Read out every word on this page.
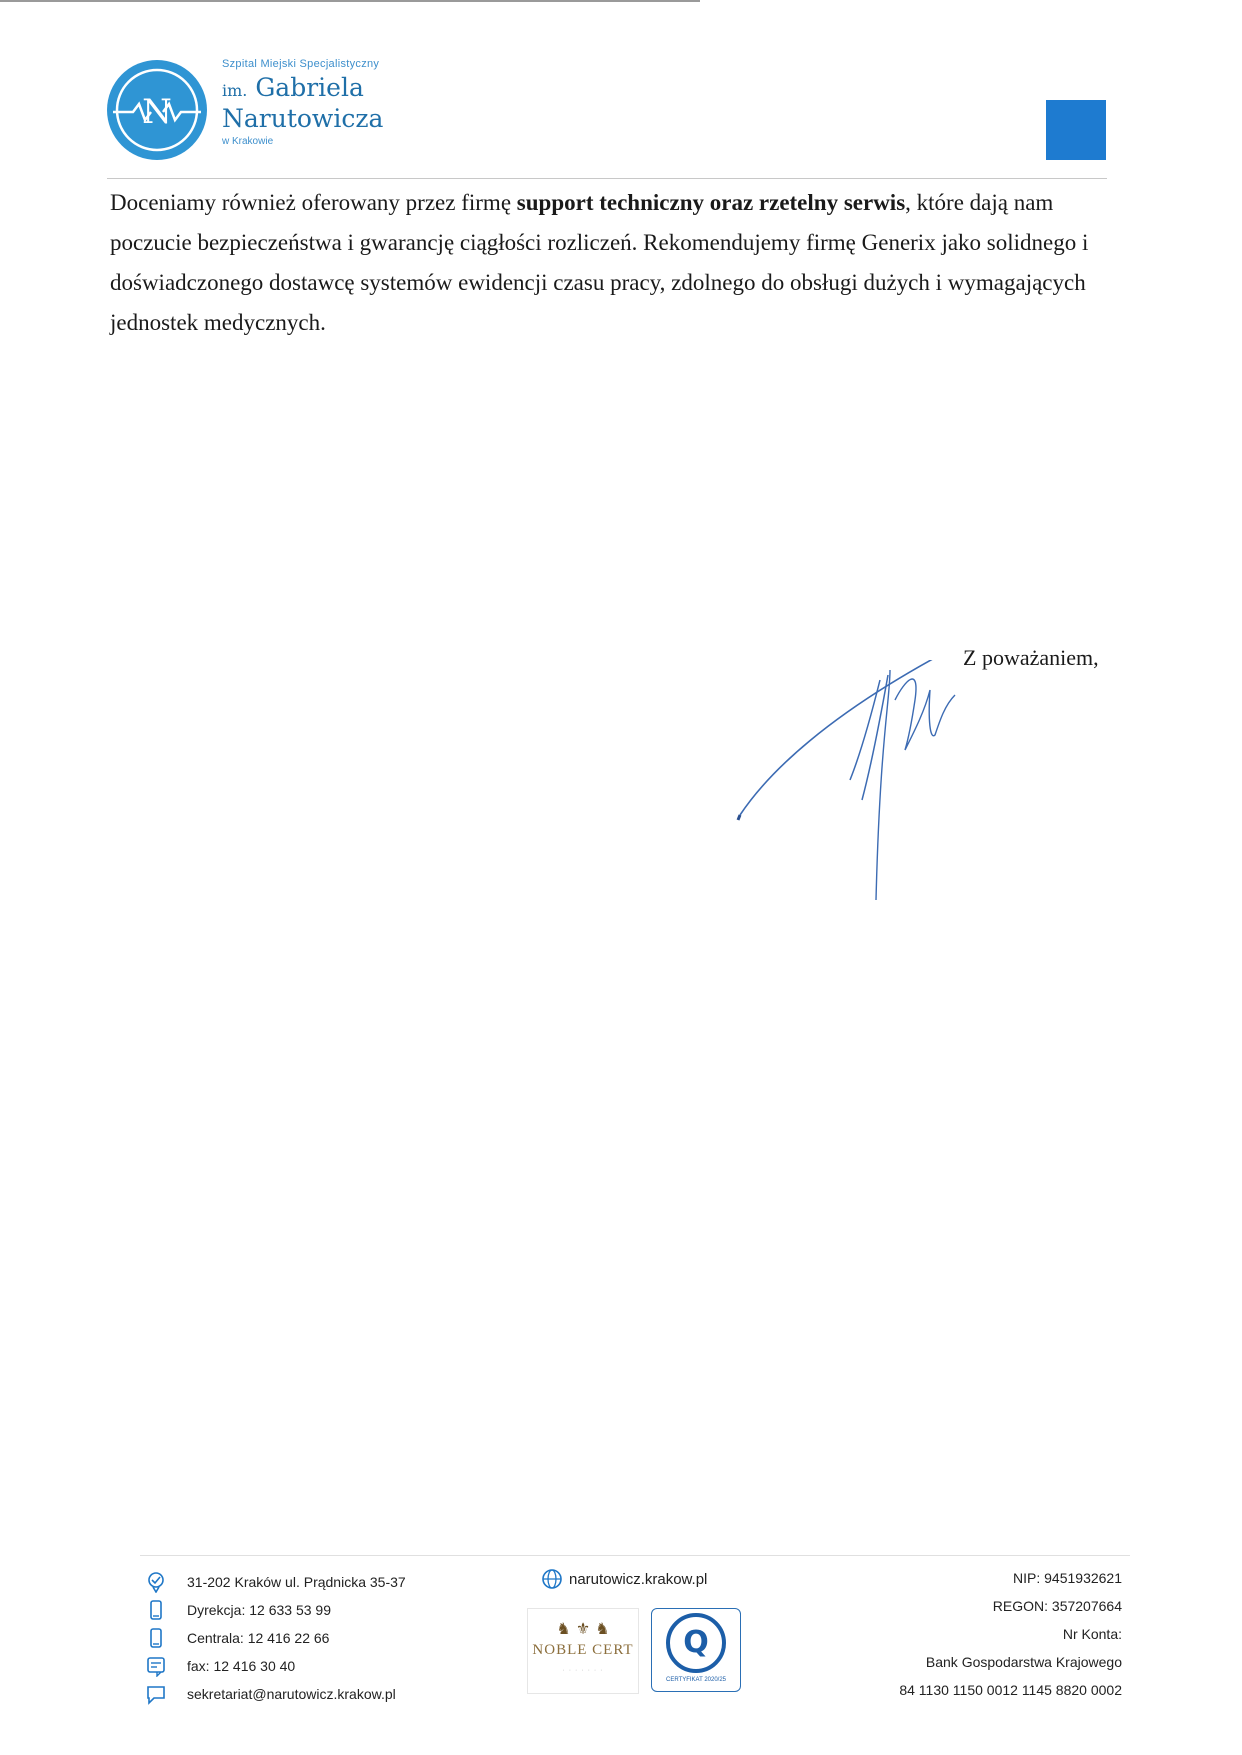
N
Szpital Miejski Specjalistyczny
im. Gabriela
Narutowicza
w Krakowie

Doceniamy również oferowany przez firmę support techniczny oraz rzetelny serwis, które dają nam poczucie bezpieczeństwa i gwarancję ciągłości rozliczeń. Rekomendujemy firmę Generix jako solidnego i doświadczonego dostawcę systemów ewidencji czasu pracy, zdolnego do obsługi dużych i wymagających jednostek medycznych.

Z poważaniem,
31-202 Kraków ul. Prądnicka 35-37
Dyrekcja: 12 633 53 99
Centrala: 12 416 22 66
fax: 12 416 30 40
sekretariat@narutowicz.krakow.pl
narutowicz.krakow.pl
♞ ⚜ ♞
NOBLE CERT
· · · · · · ·
Q
CERTYFIKAT 2020/25
NIP: 9451932621
REGON: 357207664
Nr Konta:
Bank Gospodarstwa Krajowego
84 1130 1150 0012 1145 8820 0002
